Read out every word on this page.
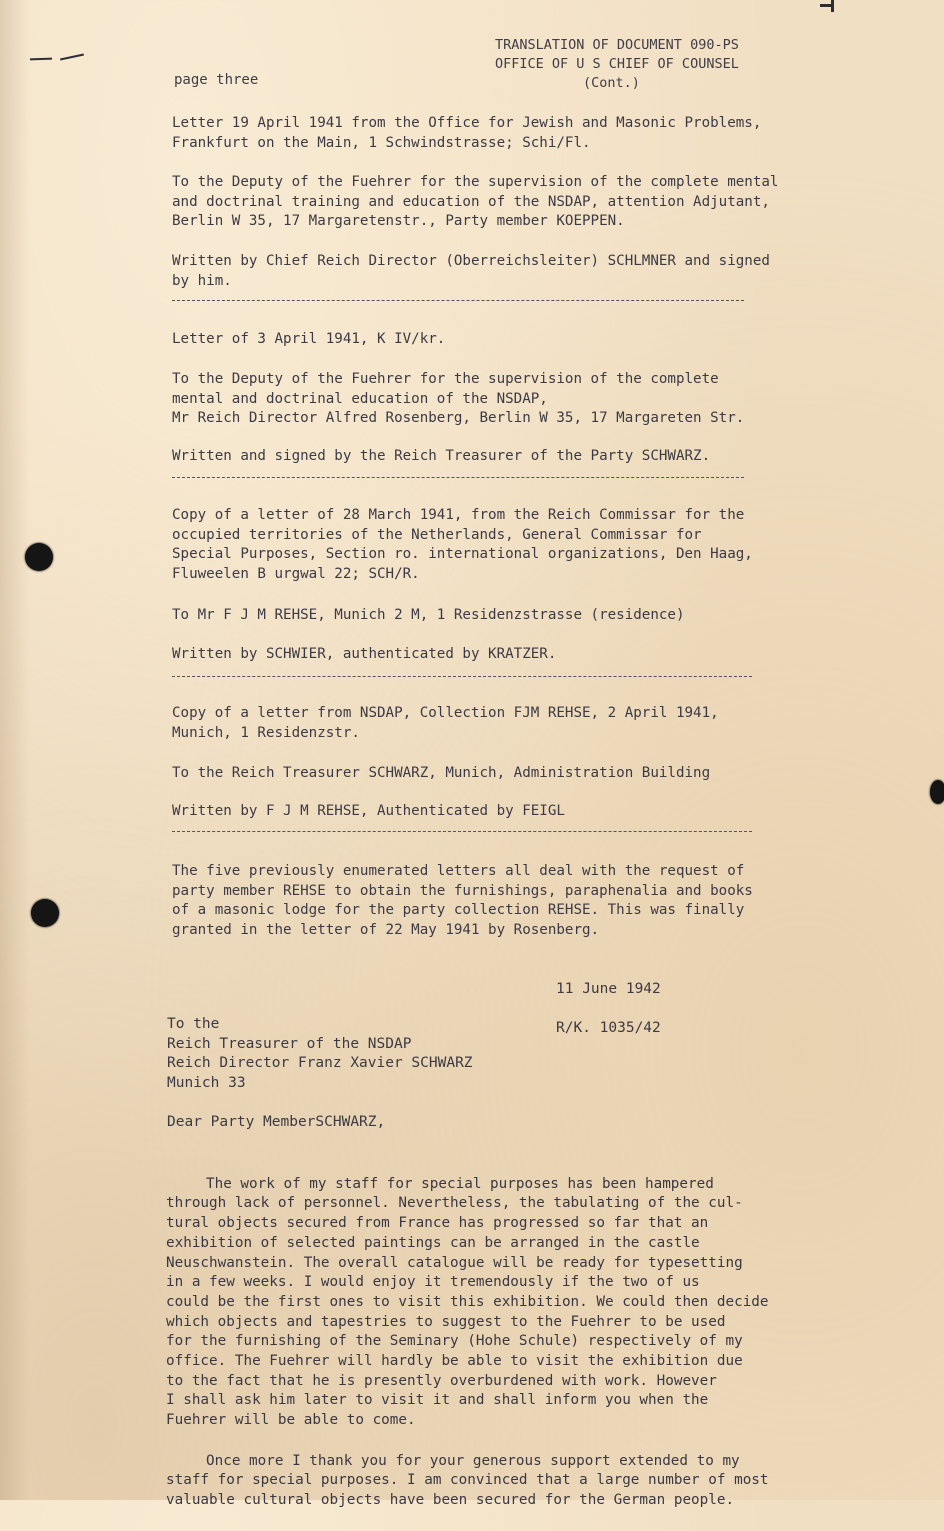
TRANSLATION OF DOCUMENT 090-PS
OFFICE OF U S CHIEF OF COUNSEL
(Cont.)
page three
Letter 19 April 1941 from the Office for Jewish and Masonic Problems,
Frankfurt on the Main, 1 Schwindstrasse; Schi/Fl.
To the Deputy of the Fuehrer for the supervision of the complete mental
and doctrinal training and education of the NSDAP, attention Adjutant,
Berlin W 35, 17 Margaretenstr., Party member KOEPPEN.
Written by Chief Reich Director (Oberreichsleiter) SCHLMNER and signed
by him.
Letter of 3 April 1941, K IV/kr.
To the Deputy of the Fuehrer for the supervision of the complete
mental and doctrinal education of the NSDAP,
Mr Reich Director Alfred Rosenberg, Berlin W 35, 17 Margareten Str.
Written and signed by the Reich Treasurer of the Party SCHWARZ.
Copy of a letter of 28 March 1941, from the Reich Commissar for the
occupied territories of the Netherlands, General Commissar for
Special Purposes, Section ro. international organizations, Den Haag,
Fluweelen B urgwal 22; SCH/R.
To Mr F J M REHSE, Munich 2 M, 1 Residenzstrasse (residence)
Written by SCHWIER, authenticated by KRATZER.
Copy of a letter from NSDAP, Collection FJM REHSE, 2 April 1941,
Munich, 1 Residenzstr.
To the Reich Treasurer SCHWARZ, Munich, Administration Building
Written by F J M REHSE, Authenticated by FEIGL
The five previously enumerated letters all deal with the request of
party member REHSE to obtain the furnishings, paraphenalia and books
of a masonic lodge for the party collection REHSE. This was finally
granted in the letter of 22 May 1941 by Rosenberg.

11 June 1942

R/K. 1035/42

To the
Reich Treasurer of the NSDAP
Reich Director Franz Xavier SCHWARZ
Munich 33
Dear Party MemberSCHWARZ,

The work of my staff for special purposes has been hampered
through lack of personnel. Nevertheless, the tabulating of the cul-
tural objects secured from France has progressed so far that an
exhibition of selected paintings can be arranged in the castle
Neuschwanstein. The overall catalogue will be ready for typesetting
in a few weeks. I would enjoy it tremendously if the two of us
could be the first ones to visit this exhibition. We could then decide
which objects and tapestries to suggest to the Fuehrer to be used
for the furnishing of the Seminary (Hohe Schule) respectively of my
office. The Fuehrer will hardly be able to visit the exhibition due
to the fact that he is presently overburdened with work. However
I shall ask him later to visit it and shall inform you when the
Fuehrer will be able to come.

Once more I thank you for your generous support extended to my
staff for special purposes. I am convinced that a large number of most
valuable cultural objects have been secured for the German people.
